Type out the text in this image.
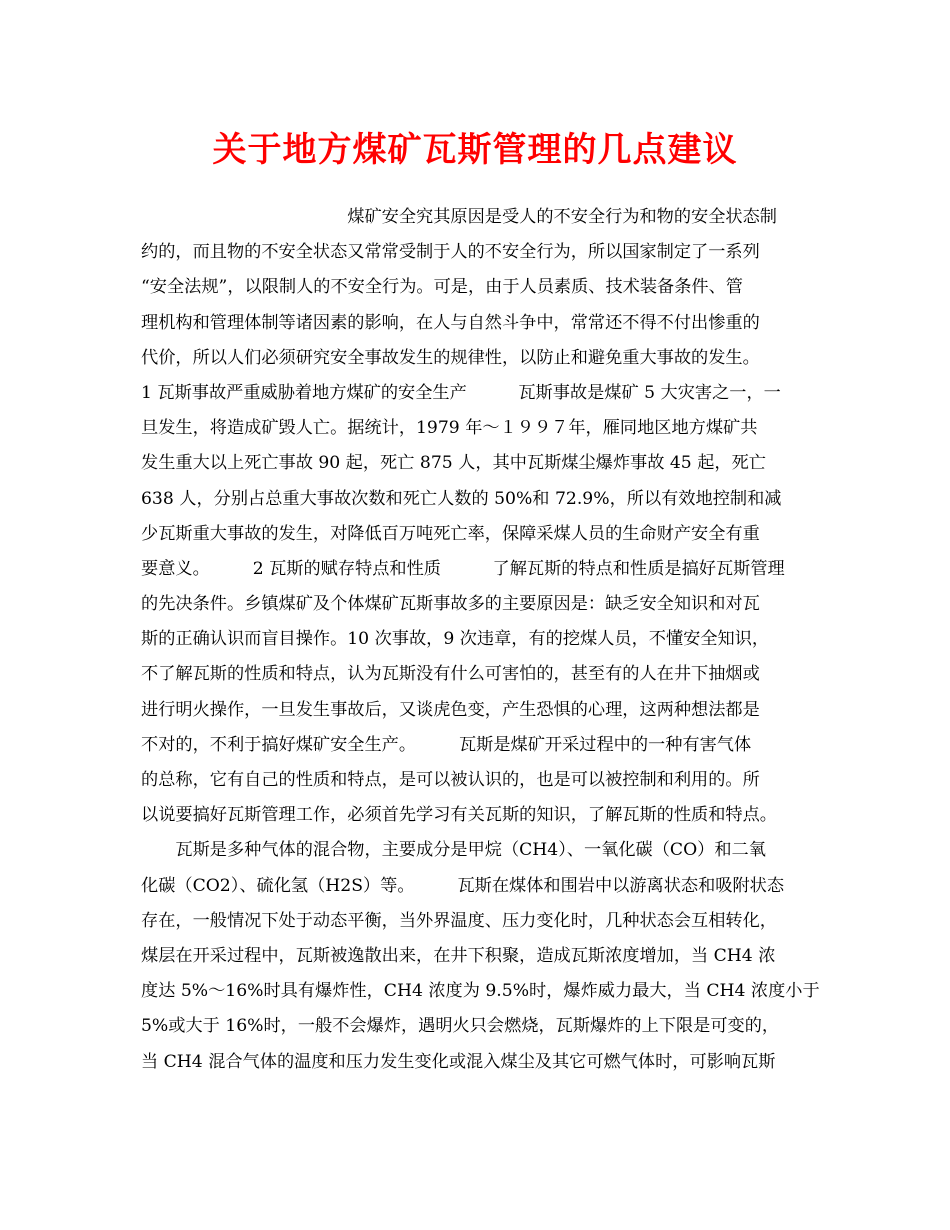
关于地方煤矿瓦斯管理的几点建议
　　　　　　　　　　　　煤矿安全究其原因是受人的不安全行为和物的安全状态制
约的，而且物的不安全状态又常常受制于人的不安全行为，所以国家制定了一系列
“安全法规”，以限制人的不安全行为。可是，由于人员素质、技术装备条件、管
理机构和管理体制等诸因素的影响，在人与自然斗争中，常常还不得不付出惨重的
代价，所以人们必须研究安全事故发生的规律性，以防止和避免重大事故的发生。
1 瓦斯事故严重威胁着地方煤矿的安全生产　　　瓦斯事故是煤矿 5 大灾害之一，一
旦发生，将造成矿毁人亡。据统计，1979 年～１９９７年，雁同地区地方煤矿共
发生重大以上死亡事故 90 起，死亡 875 人，其中瓦斯煤尘爆炸事故 45 起，死亡
638 人，分别占总重大事故次数和死亡人数的 50%和 72.9%，所以有效地控制和减
少瓦斯重大事故的发生，对降低百万吨死亡率，保障采煤人员的生命财产安全有重
要意义。　　　2 瓦斯的赋存特点和性质　　　了解瓦斯的特点和性质是搞好瓦斯管理
的先决条件。乡镇煤矿及个体煤矿瓦斯事故多的主要原因是：缺乏安全知识和对瓦
斯的正确认识而盲目操作。10 次事故，9 次违章，有的挖煤人员，不懂安全知识，
不了解瓦斯的性质和特点，认为瓦斯没有什么可害怕的，甚至有的人在井下抽烟或
进行明火操作，一旦发生事故后，又谈虎色变，产生恐惧的心理，这两种想法都是
不对的，不利于搞好煤矿安全生产。　　　瓦斯是煤矿开采过程中的一种有害气体
的总称，它有自己的性质和特点，是可以被认识的，也是可以被控制和利用的。所
以说要搞好瓦斯管理工作，必须首先学习有关瓦斯的知识，了解瓦斯的性质和特点。
　　瓦斯是多种气体的混合物，主要成分是甲烷（CH4）、一氧化碳（CO）和二氧
化碳（CO2）、硫化氢（H2S）等。　　　瓦斯在煤体和围岩中以游离状态和吸附状态
存在，一般情况下处于动态平衡，当外界温度、压力变化时，几种状态会互相转化，
煤层在开采过程中，瓦斯被逸散出来，在井下积聚，造成瓦斯浓度增加，当 CH4 浓
度达 5%～16%时具有爆炸性，CH4 浓度为 9.5%时，爆炸威力最大，当 CH4 浓度小于
5%或大于 16%时，一般不会爆炸，遇明火只会燃烧，瓦斯爆炸的上下限是可变的，
当 CH4 混合气体的温度和压力发生变化或混入煤尘及其它可燃气体时，可影响瓦斯
